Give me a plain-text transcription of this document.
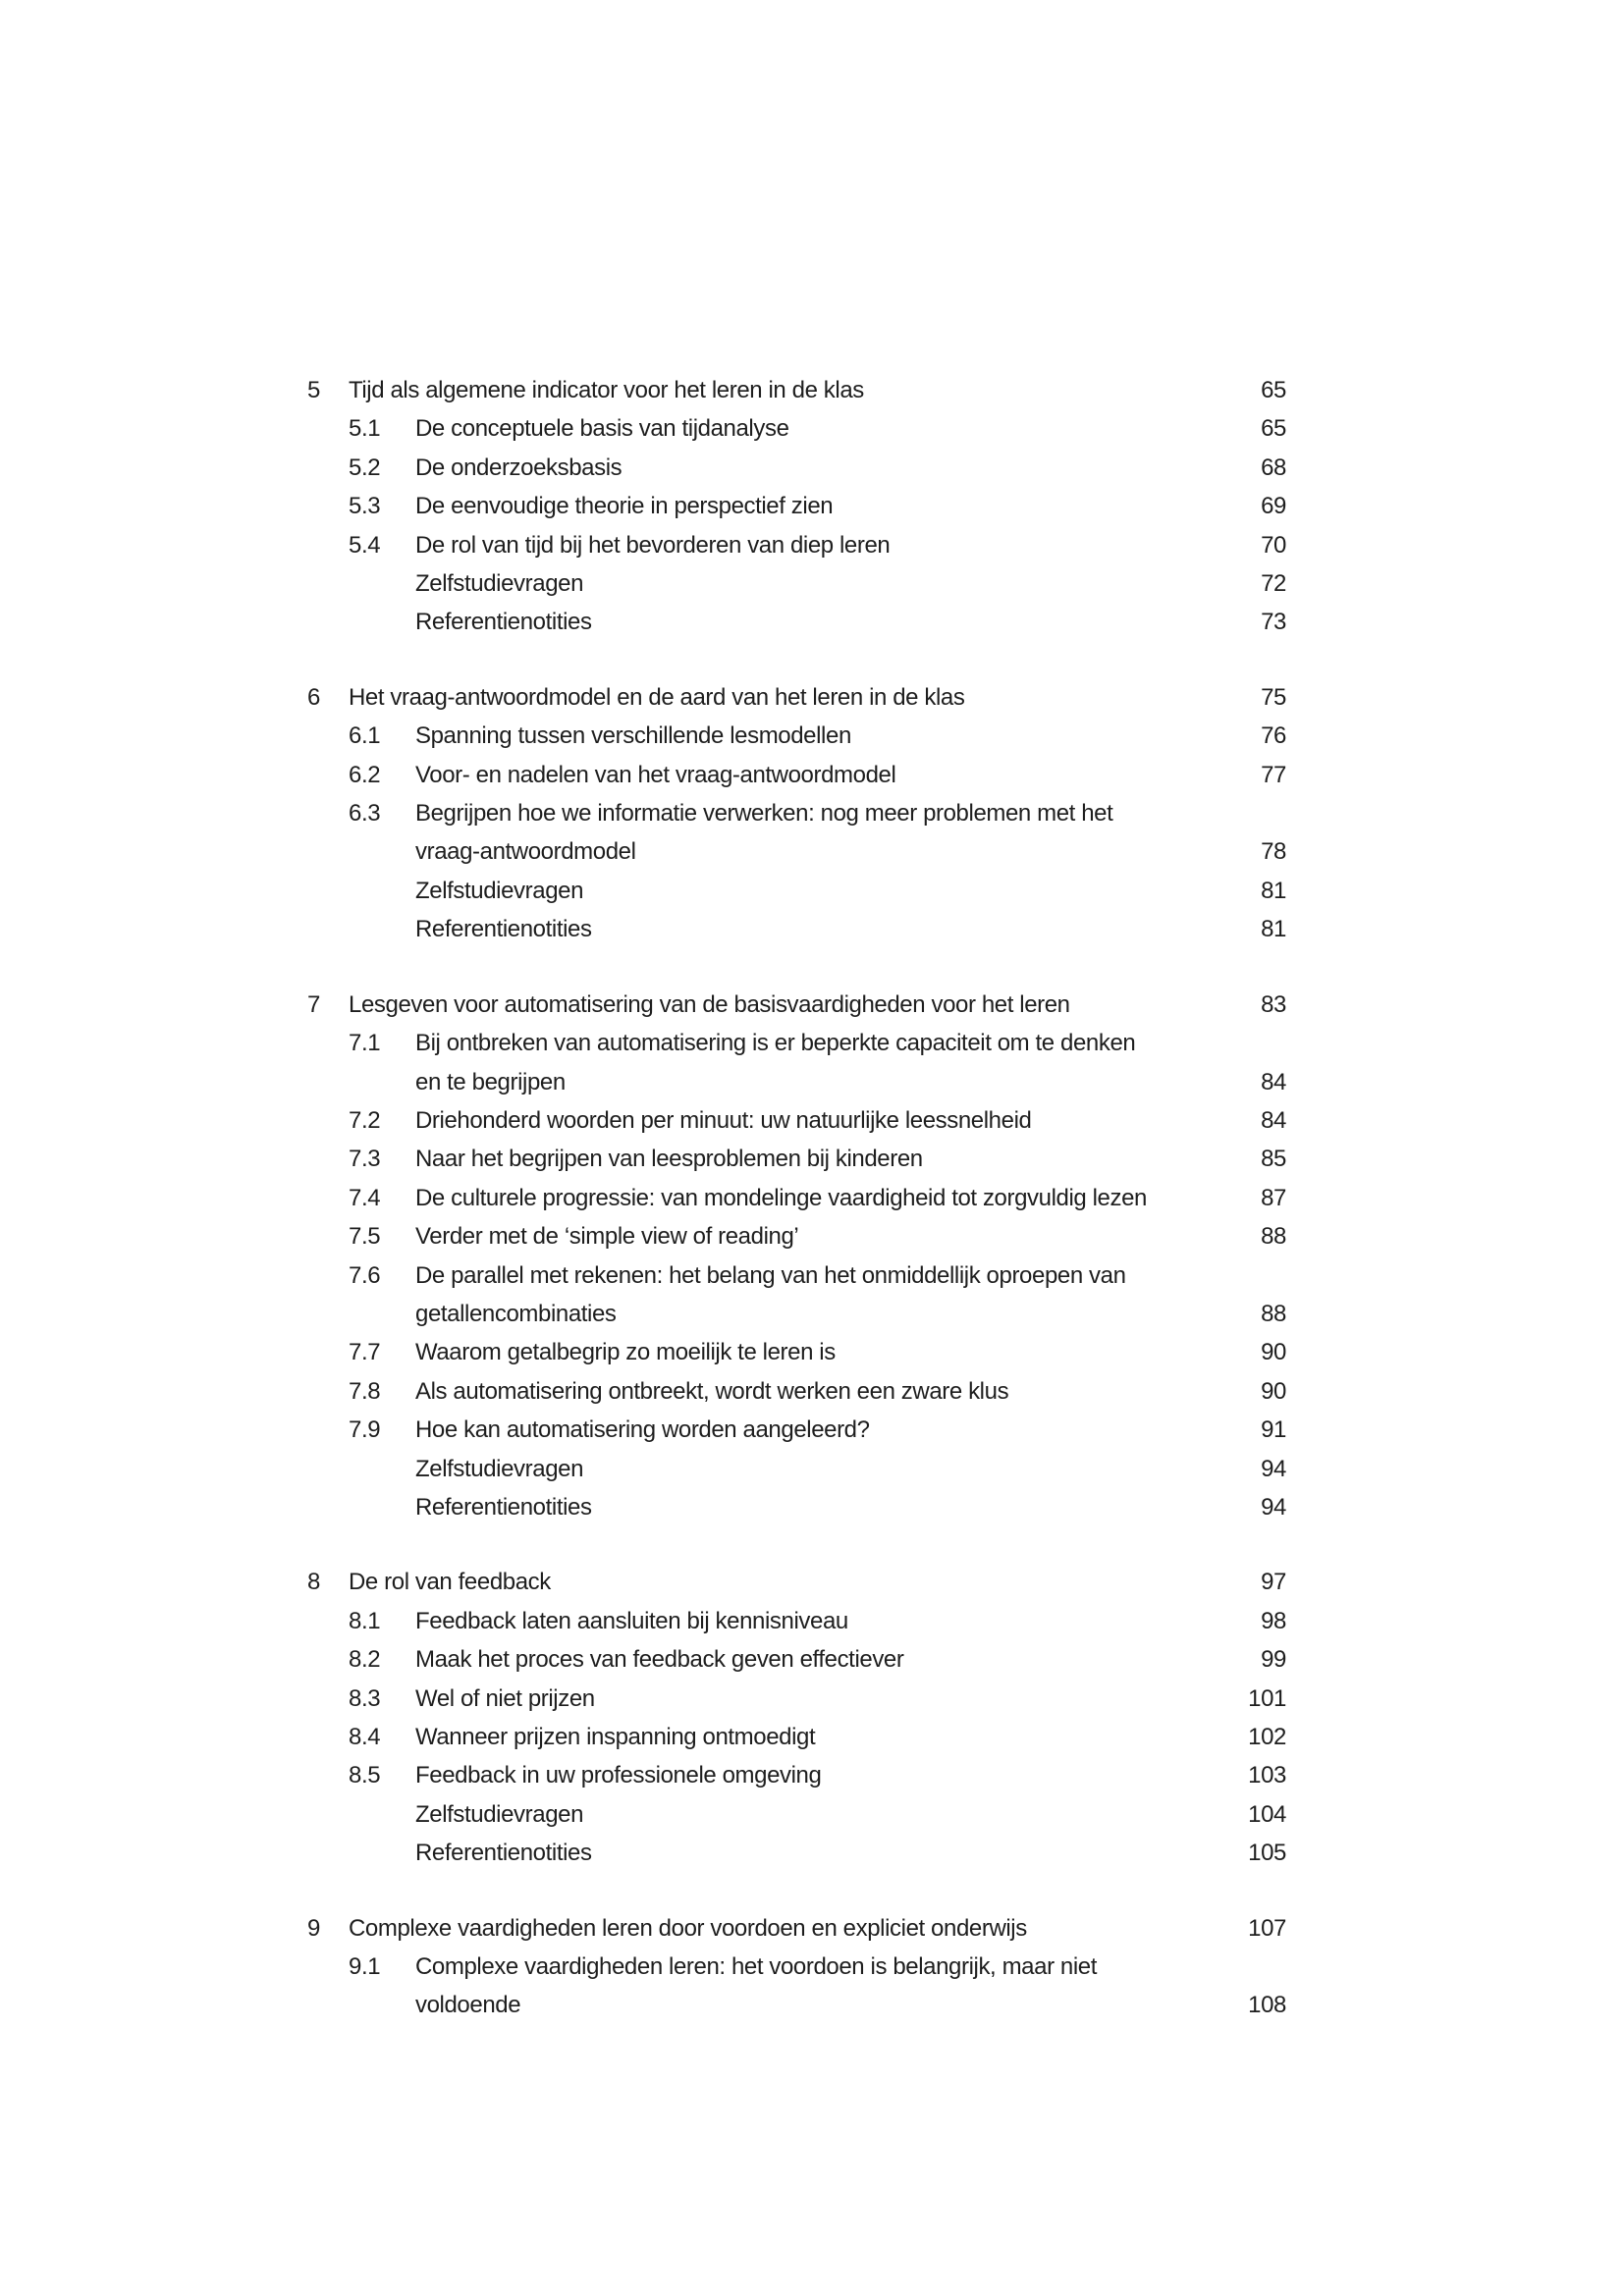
5	Tijd als algemene indicator voor het leren in de klas	65
5.1	De conceptuele basis van tijdanalyse	65
5.2	De onderzoeksbasis	68
5.3	De eenvoudige theorie in perspectief zien	69
5.4	De rol van tijd bij het bevorderen van diep leren	70
Zelfstudievragen	72
Referentienotities	73
6	Het vraag-antwoordmodel en de aard van het leren in de klas	75
6.1	Spanning tussen verschillende lesmodellen	76
6.2	Voor- en nadelen van het vraag-antwoordmodel	77
6.3	Begrijpen hoe we informatie verwerken: nog meer problemen met het
vraag-antwoordmodel	78
Zelfstudievragen	81
Referentienotities	81
7	Lesgeven voor automatisering van de basisvaardigheden voor het leren	83
7.1	Bij ontbreken van automatisering is er beperkte capaciteit om te denken
en te begrijpen	84
7.2	Driehonderd woorden per minuut: uw natuurlijke leessnelheid	84
7.3	Naar het begrijpen van leesproblemen bij kinderen	85
7.4	De culturele progressie: van mondelinge vaardigheid tot zorgvuldig lezen	87
7.5	Verder met de ‘simple view of reading’	88
7.6	De parallel met rekenen: het belang van het onmiddellijk oproepen van
getallencombinaties	88
7.7	Waarom getalbegrip zo moeilijk te leren is	90
7.8	Als automatisering ontbreekt, wordt werken een zware klus	90
7.9	Hoe kan automatisering worden aangeleerd?	91
Zelfstudievragen	94
Referentienotities	94
8	De rol van feedback	97
8.1	Feedback laten aansluiten bij kennisniveau	98
8.2	Maak het proces van feedback geven effectiever	99
8.3	Wel of niet prijzen	101
8.4	Wanneer prijzen inspanning ontmoedigt	102
8.5	Feedback in uw professionele omgeving	103
Zelfstudievragen	104
Referentienotities	105
9	Complexe vaardigheden leren door voordoen en expliciet onderwijs	107
9.1	Complexe vaardigheden leren: het voordoen is belangrijk, maar niet
voldoende	108
